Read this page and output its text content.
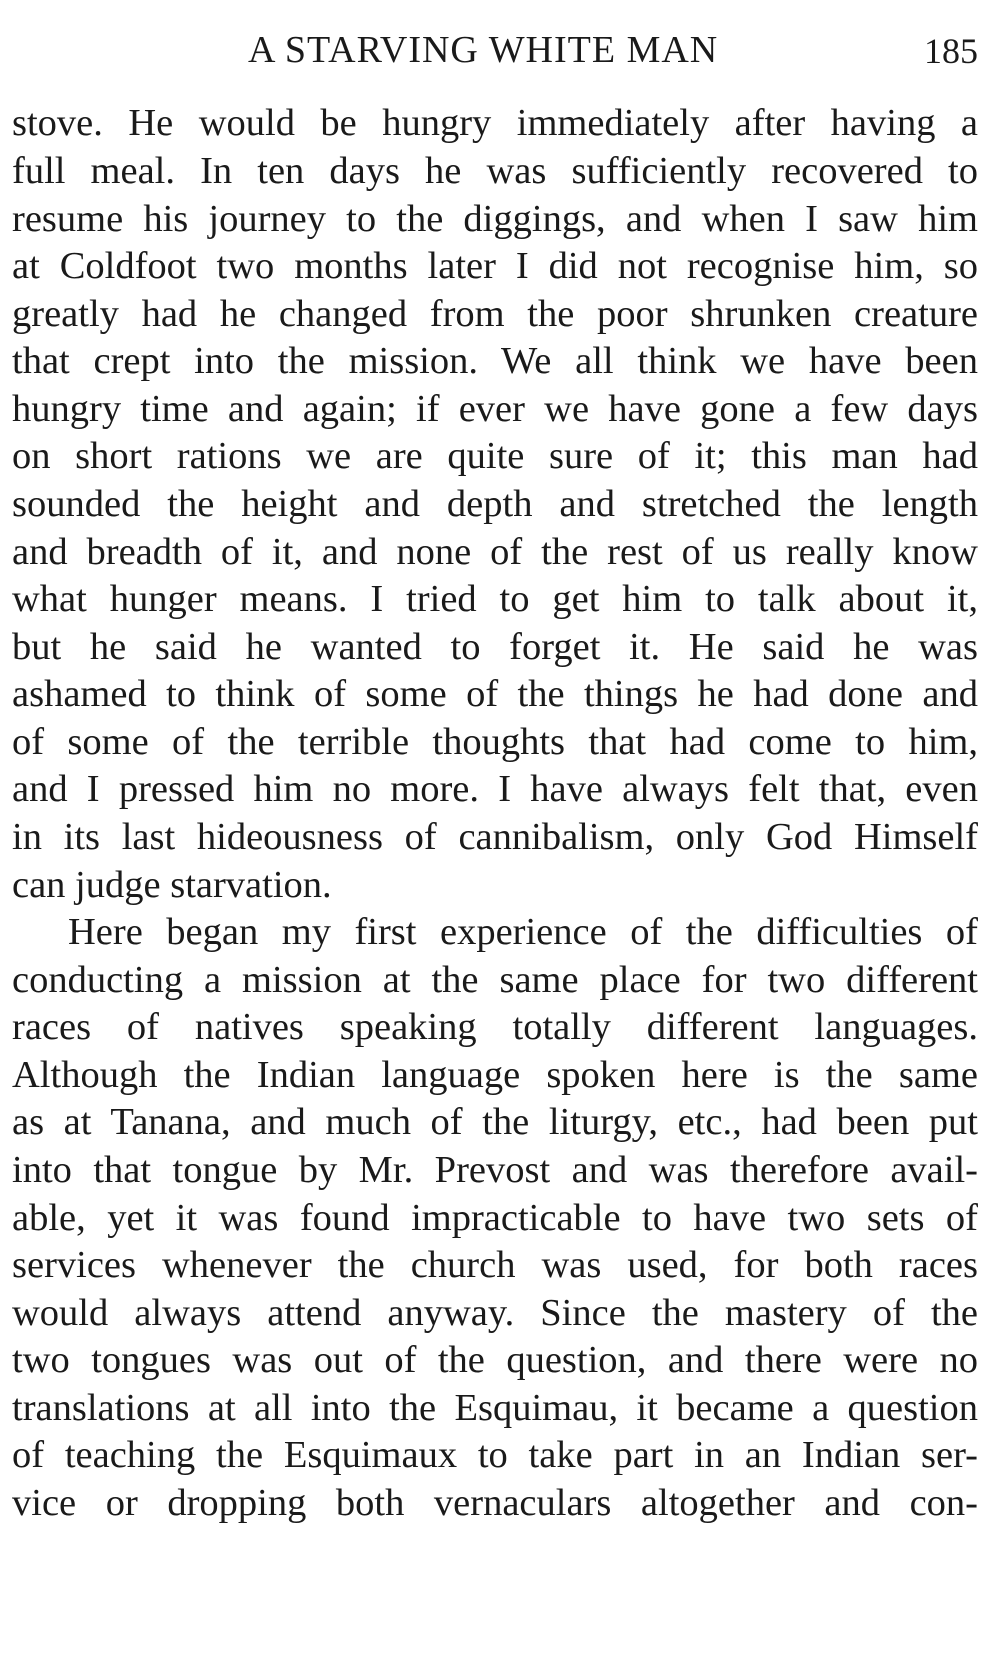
A STARVING WHITE MAN	185
stove. He would be hungry immediately after having a
full meal. In ten days he was sufficiently recovered to
resume his journey to the diggings, and when I saw him
at Coldfoot two months later I did not recognise him, so
greatly had he changed from the poor shrunken creature
that crept into the mission. We all think we have been
hungry time and again; if ever we have gone a few days
on short rations we are quite sure of it; this man had
sounded the height and depth and stretched the length
and breadth of it, and none of the rest of us really know
what hunger means. I tried to get him to talk about it,
but he said he wanted to forget it. He said he was
ashamed to think of some of the things he had done and
of some of the terrible thoughts that had come to him,
and I pressed him no more. I have always felt that, even
in its last hideousness of cannibalism, only God Himself
can judge starvation.
Here began my first experience of the difficulties of
conducting a mission at the same place for two different
races of natives speaking totally different languages.
Although the Indian language spoken here is the same
as at Tanana, and much of the liturgy, etc., had been put
into that tongue by Mr. Prevost and was therefore avail-
able, yet it was found impracticable to have two sets of
services whenever the church was used, for both races
would always attend anyway. Since the mastery of the
two tongues was out of the question, and there were no
translations at all into the Esquimau, it became a question
of teaching the Esquimaux to take part in an Indian ser-
vice or dropping both vernaculars altogether and con-
